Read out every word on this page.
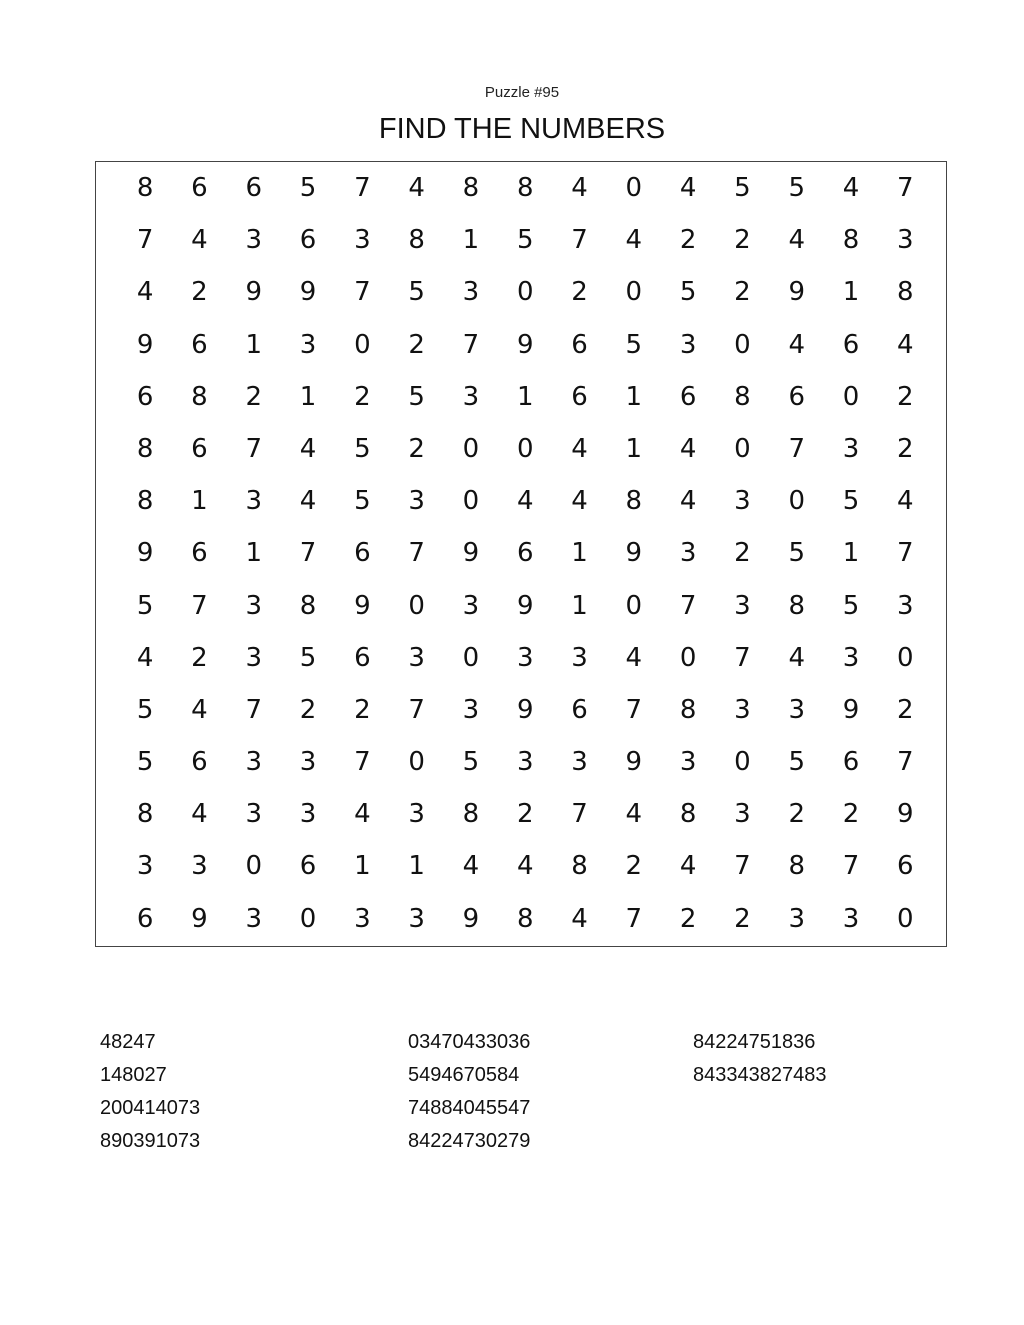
Puzzle #95
FIND THE NUMBERS
8	6	6	5	7	4	8	8	4	0	4	5	5	4	7
7	4	3	6	3	8	1	5	7	4	2	2	4	8	3
4	2	9	9	7	5	3	0	2	0	5	2	9	1	8
9	6	1	3	0	2	7	9	6	5	3	0	4	6	4
6	8	2	1	2	5	3	1	6	1	6	8	6	0	2
8	6	7	4	5	2	0	0	4	1	4	0	7	3	2
8	1	3	4	5	3	0	4	4	8	4	3	0	5	4
9	6	1	7	6	7	9	6	1	9	3	2	5	1	7
5	7	3	8	9	0	3	9	1	0	7	3	8	5	3
4	2	3	5	6	3	0	3	3	4	0	7	4	3	0
5	4	7	2	2	7	3	9	6	7	8	3	3	9	2
5	6	3	3	7	0	5	3	3	9	3	0	5	6	7
8	4	3	3	4	3	8	2	7	4	8	3	2	2	9
3	3	0	6	1	1	4	4	8	2	4	7	8	7	6
6	9	3	0	3	3	9	8	4	7	2	2	3	3	0
48247
148027
200414073
890391073
03470433036
5494670584
74884045547
84224730279
84224751836
843343827483
